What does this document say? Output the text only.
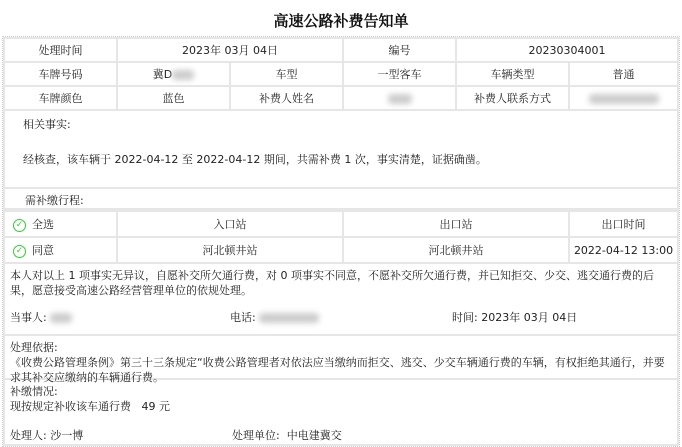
高速公路补费告知单
处理时间	2023年 03月 04日		编号	20230304001	
车牌号码	冀D	车型	一型客车	车辆类型	普通
车牌颜色	蓝色	补费人姓名		补费人联系方式	
相关事实:
经核查，该车辆于 2022-04-12 至 2022-04-12 期间，共需补费 1 次，事实清楚，证据确凿。
需补缴行程:
✓ 全选	入口站	出口站	出口时间
✓ 同意	河北顿井站	河北顿井站	2022-04-12 13:00
本人对以上 1 项事实无异议，自愿补交所欠通行费，对 0 项事实不同意，不愿补交所欠通行费，并已知拒交、少交、逃交通行费的后果，愿意接受高速公路经营管理单位的依规处理。
当事人:	电话:	时间: 2023年 03月 04日
处理依据:
《收费公路管理条例》第三十三条规定“收费公路管理者对依法应当缴纳而拒交、逃交、少交车辆通行费的车辆，有权拒绝其通行，并要求其补交应缴纳的车辆通行费。
补缴情况:
现按规定补收该车通行费   49 元
处理人: 沙一博	处理单位: 中电建冀交
